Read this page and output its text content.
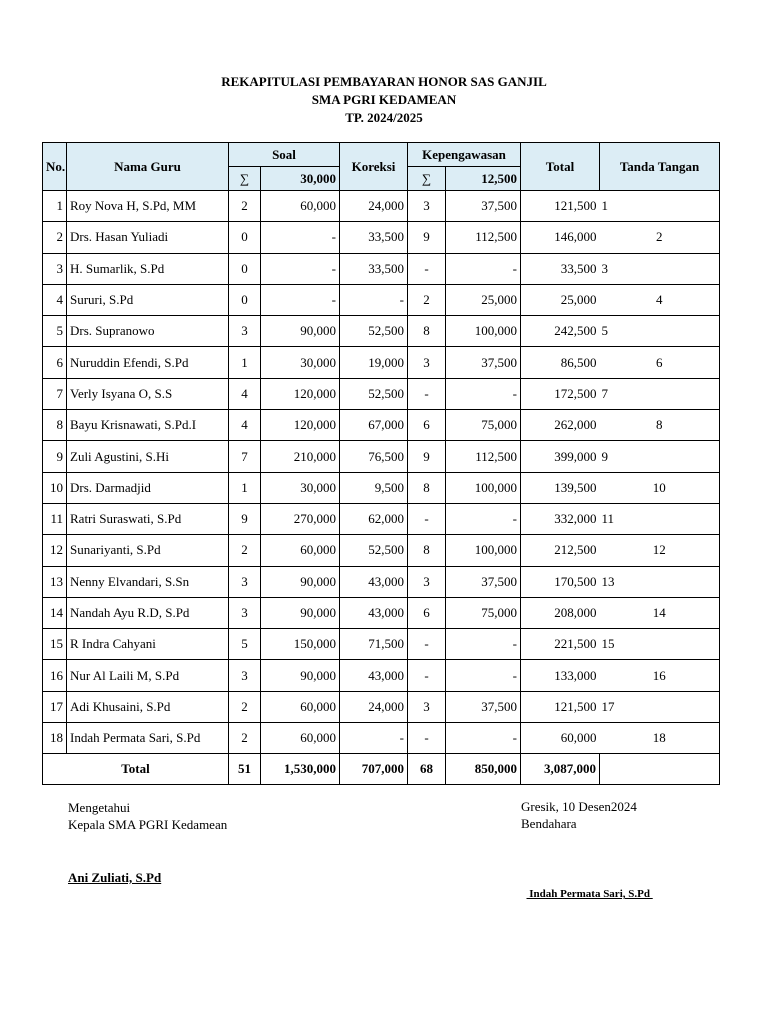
REKAPITULASI PEMBAYARAN HONOR SAS GANJIL
SMA PGRI KEDAMEAN
TP. 2024/2025
No.	Nama Guru	Soal		Koreksi	Kepengawasan		Total	Tanda Tangan
		∑	30,000		∑	12,500		
1	Roy Nova H, S.Pd, MM	2	60,000	24,000	3	37,500	121,500	1
2	Drs. Hasan Yuliadi	0	-	33,500	9	112,500	146,000	2
3	H. Sumarlik, S.Pd	0	-	33,500	-	-	33,500	3
4	Sururi, S.Pd	0	-	-	2	25,000	25,000	4
5	Drs. Supranowo	3	90,000	52,500	8	100,000	242,500	5
6	Nuruddin Efendi, S.Pd	1	30,000	19,000	3	37,500	86,500	6
7	Verly Isyana O, S.S	4	120,000	52,500	-	-	172,500	7
8	Bayu Krisnawati, S.Pd.I	4	120,000	67,000	6	75,000	262,000	8
9	Zuli Agustini, S.Hi	7	210,000	76,500	9	112,500	399,000	9
10	Drs. Darmadjid	1	30,000	9,500	8	100,000	139,500	10
11	Ratri Suraswati, S.Pd	9	270,000	62,000	-	-	332,000	11
12	Sunariyanti, S.Pd	2	60,000	52,500	8	100,000	212,500	12
13	Nenny Elvandari, S.Sn	3	90,000	43,000	3	37,500	170,500	13
14	Nandah Ayu R.D, S.Pd	3	90,000	43,000	6	75,000	208,000	14
15	R Indra Cahyani	5	150,000	71,500	-	-	221,500	15
16	Nur Al Laili M, S.Pd	3	90,000	43,000	-	-	133,000	16
17	Adi Khusaini, S.Pd	2	60,000	24,000	3	37,500	121,500	17
18	Indah Permata Sari, S.Pd	2	60,000	-	-	-	60,000	18
Total		51	1,530,000	707,000	68	850,000	3,087,000	
Mengetahui
Kepala SMA PGRI Kedamean
Ani Zuliati, S.Pd
Gresik, 10 Desen2024
Bendahara

Indah Permata Sari, S.Pd
